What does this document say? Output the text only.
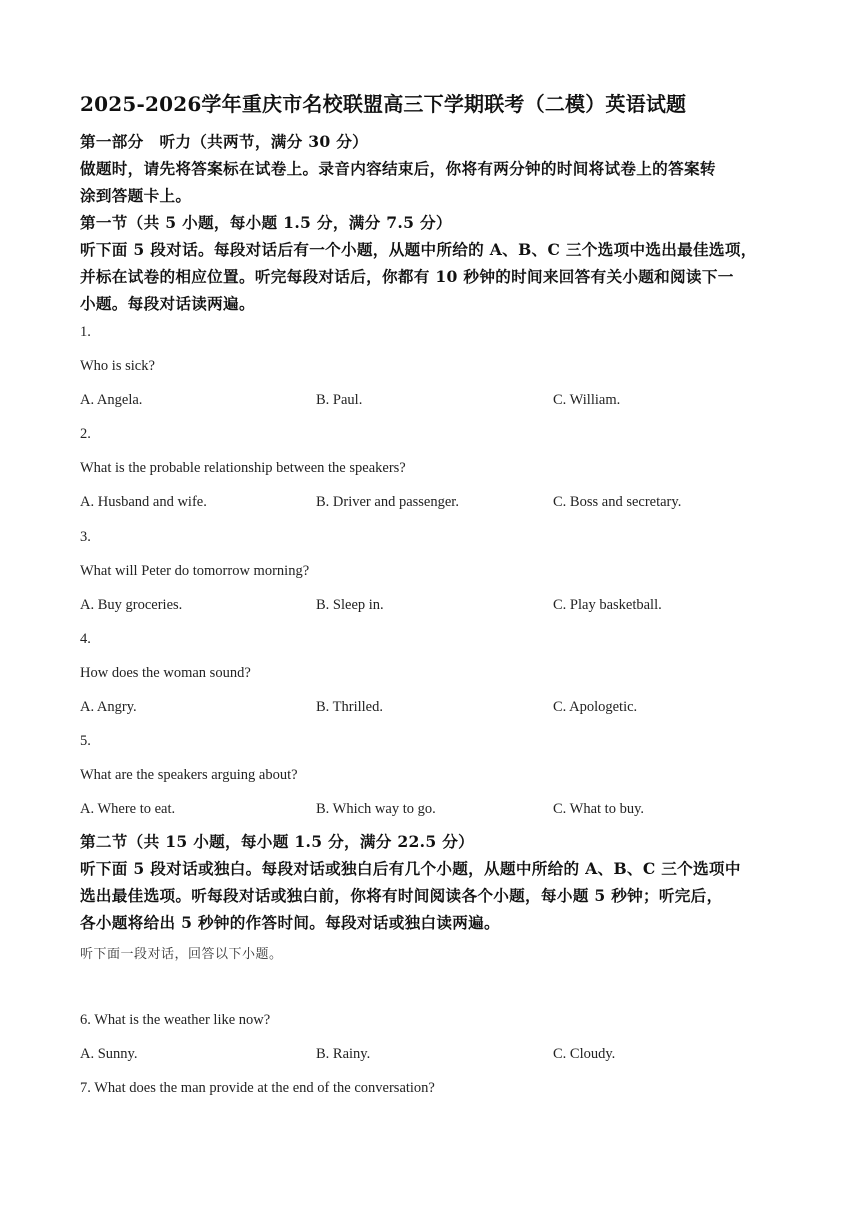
2025-2026学年重庆市名校联盟高三下学期联考（二模）英语试题
第一部分　听力（共两节，满分 30 分）
做题时，请先将答案标在试卷上。录音内容结束后，你将有两分钟的时间将试卷上的答案转
涂到答题卡上。
第一节（共 5 小题，每小题 1.5 分，满分 7.5 分）
听下面 5 段对话。每段对话后有一个小题，从题中所给的 A、B、C 三个选项中选出最佳选项，
并标在试卷的相应位置。听完每段对话后，你都有 10 秒钟的时间来回答有关小题和阅读下一
小题。每段对话读两遍。
1.
Who is sick?
A. Angela.	B. Paul.	C. William.
2.
What is the probable relationship between the speakers?
A. Husband and wife.	B. Driver and passenger.	C. Boss and secretary.
3.
What will Peter do tomorrow morning?
A. Buy groceries.	B. Sleep in.	C. Play basketball.
4.
How does the woman sound?
A. Angry.	B. Thrilled.	C. Apologetic.
5.
What are the speakers arguing about?
A. Where to eat.	B. Which way to go.	C. What to buy.
第二节（共 15 小题，每小题 1.5 分，满分 22.5 分）
听下面 5 段对话或独白。每段对话或独白后有几个小题，从题中所给的 A、B、C 三个选项中
选出最佳选项。听每段对话或独白前，你将有时间阅读各个小题，每小题 5 秒钟；听完后，
各小题将给出 5 秒钟的作答时间。每段对话或独白读两遍。
听下面一段对话，回答以下小题。
6. What is the weather like now?
A. Sunny.	B. Rainy.	C. Cloudy.
7. What does the man provide at the end of the conversation?
